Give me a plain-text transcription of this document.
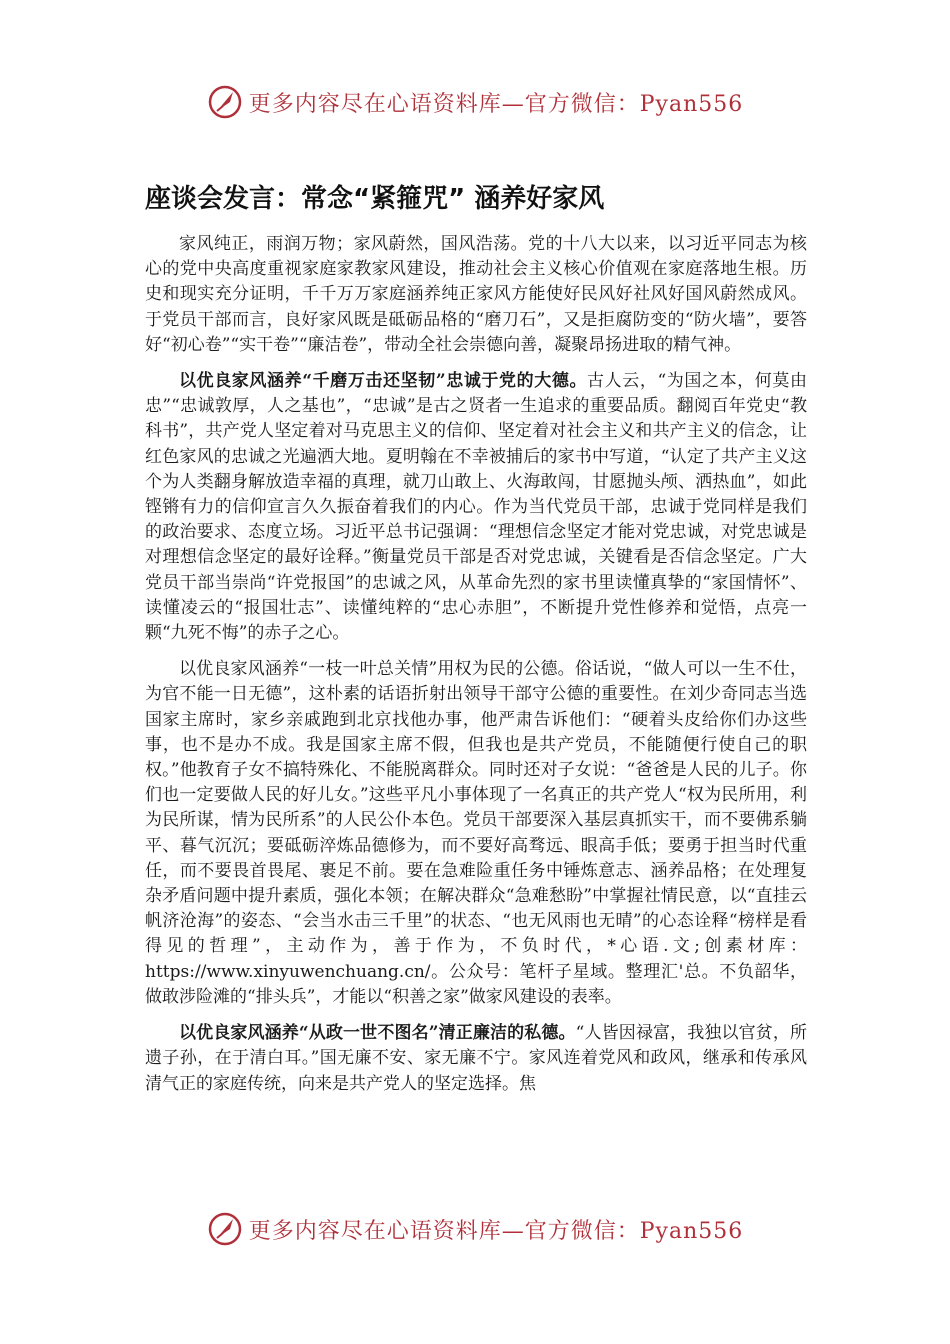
更多内容尽在心语资料库—官方微信：Pyan556
座谈会发言：常念“紧箍咒” 涵养好家风

家风纯正，雨润万物；家风蔚然，国风浩荡。党的十八大以来，以习近平同志为核心的党中央高度重视家庭家教家风建设，推动社会主义核心价值观在家庭落地生根。历史和现实充分证明，千千万万家庭涵养纯正家风方能使好民风好社风好国风蔚然成风。于党员干部而言，良好家风既是砥砺品格的“磨刀石”，又是拒腐防变的“防火墙”，要答好“初心卷”“实干卷”“廉洁卷”，带动全社会崇德向善，凝聚昂扬进取的精气神。

以优良家风涵养“千磨万击还坚韧”忠诚于党的大德。古人云，“为国之本，何莫由忠”“忠诚敦厚，人之基也”，“忠诚”是古之贤者一生追求的重要品质。翻阅百年党史“教科书”，共产党人坚定着对马克思主义的信仰、坚定着对社会主义和共产主义的信念，让红色家风的忠诚之光遍洒大地。夏明翰在不幸被捕后的家书中写道，“认定了共产主义这个为人类翻身解放造幸福的真理，就刀山敢上、火海敢闯，甘愿抛头颅、洒热血”，如此铿锵有力的信仰宣言久久振奋着我们的内心。作为当代党员干部，忠诚于党同样是我们的政治要求、态度立场。习近平总书记强调：“理想信念坚定才能对党忠诚，对党忠诚是对理想信念坚定的最好诠释。”衡量党员干部是否对党忠诚，关键看是否信念坚定。广大党员干部当崇尚“许党报国”的忠诚之风，从革命先烈的家书里读懂真挚的“家国情怀”、读懂凌云的“报国壮志”、读懂纯粹的“忠心赤胆”，不断提升党性修养和觉悟，点亮一颗“九死不悔”的赤子之心。

以优良家风涵养“一枝一叶总关情”用权为民的公德。俗话说，“做人可以一生不仕，为官不能一日无德”，这朴素的话语折射出领导干部守公德的重要性。在刘少奇同志当选国家主席时，家乡亲戚跑到北京找他办事，他严肃告诉他们：“硬着头皮给你们办这些事，也不是办不成。我是国家主席不假，但我也是共产党员，不能随便行使自己的职权。”他教育子女不搞特殊化、不能脱离群众。同时还对子女说：“爸爸是人民的儿子。你们也一定要做人民的好儿女。”这些平凡小事体现了一名真正的共产党人“权为民所用，利为民所谋，情为民所系”的人民公仆本色。党员干部要深入基层真抓实干，而不要佛系躺平、暮气沉沉；要砥砺淬炼品德修为，而不要好高骛远、眼高手低；要勇于担当时代重任，而不要畏首畏尾、裹足不前。要在急难险重任务中锤炼意志、涵养品格；在处理复杂矛盾问题中提升素质，强化本领；在解决群众“急难愁盼”中掌握社情民意，以“直挂云帆济沧海”的姿态、“会当水击三千里”的状态、“也无风雨也无晴”的心态诠释“榜样是看得见的哲理”，主动作为，善于作为，不负时代，*心语.文;创素材库：https://www.xinyuwenchuang.cn/。公众号：笔杆子星域。整理汇'总。不负韶华，做敢涉险滩的“排头兵”，才能以“积善之家”做家风建设的表率。

以优良家风涵养“从政一世不图名”清正廉洁的私德。“人皆因禄富，我独以官贫，所遗子孙，在于清白耳。”国无廉不安、家无廉不宁。家风连着党风和政风，继承和传承风清气正的家庭传统，向来是共产党人的坚定选择。焦

更多内容尽在心语资料库—官方微信：Pyan556
